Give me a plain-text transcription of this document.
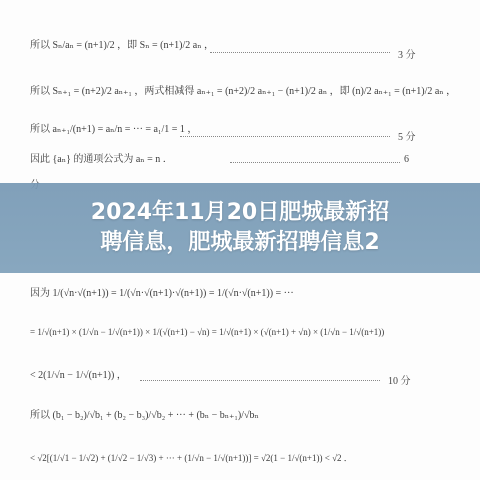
所以 Sₙ/aₙ = (n+1)/2 ，即 Sₙ = (n+1)/2 aₙ ，
3 分
所以 Sₙ₊₁ = (n+2)/2 aₙ₊₁ ，两式相减得 aₙ₊₁ = (n+2)/2 aₙ₊₁ − (n+1)/2 aₙ ，即 (n)/2 aₙ₊₁ = (n+1)/2 aₙ ，
所以 aₙ₊₁/(n+1) = aₙ/n = ··· = a₁/1 = 1 ，
5 分
因此 {aₙ} 的通项公式为 aₙ = n ．	6
因为 1/(√n·√(n+1)) = 1/(√n·√(n+1)·√(n+1)) = 1/(√n·√(n+1)) = ···
= 1/√(n+1) × (1/√n − 1/√(n+1)) × 1/(√(n+1) − √n) = 1/√(n+1) × (√(n+1) + √n) × (1/√n − 1/√(n+1))
< 2(1/√n − 1/√(n+1)) ，
10 分
所以 (b₁ − b₂)/√b₁ + (b₂ − b₃)/√b₂ + ··· + (bₙ − bₙ₊₁)/√bₙ
< √2[(1/√1 − 1/√2) + (1/√2 − 1/√3) + ··· + (1/√n − 1/√(n+1))] = √2(1 − 1/√(n+1)) < √2 ．
2024年11月20日肥城最新招
聘信息，肥城最新招聘信息2
